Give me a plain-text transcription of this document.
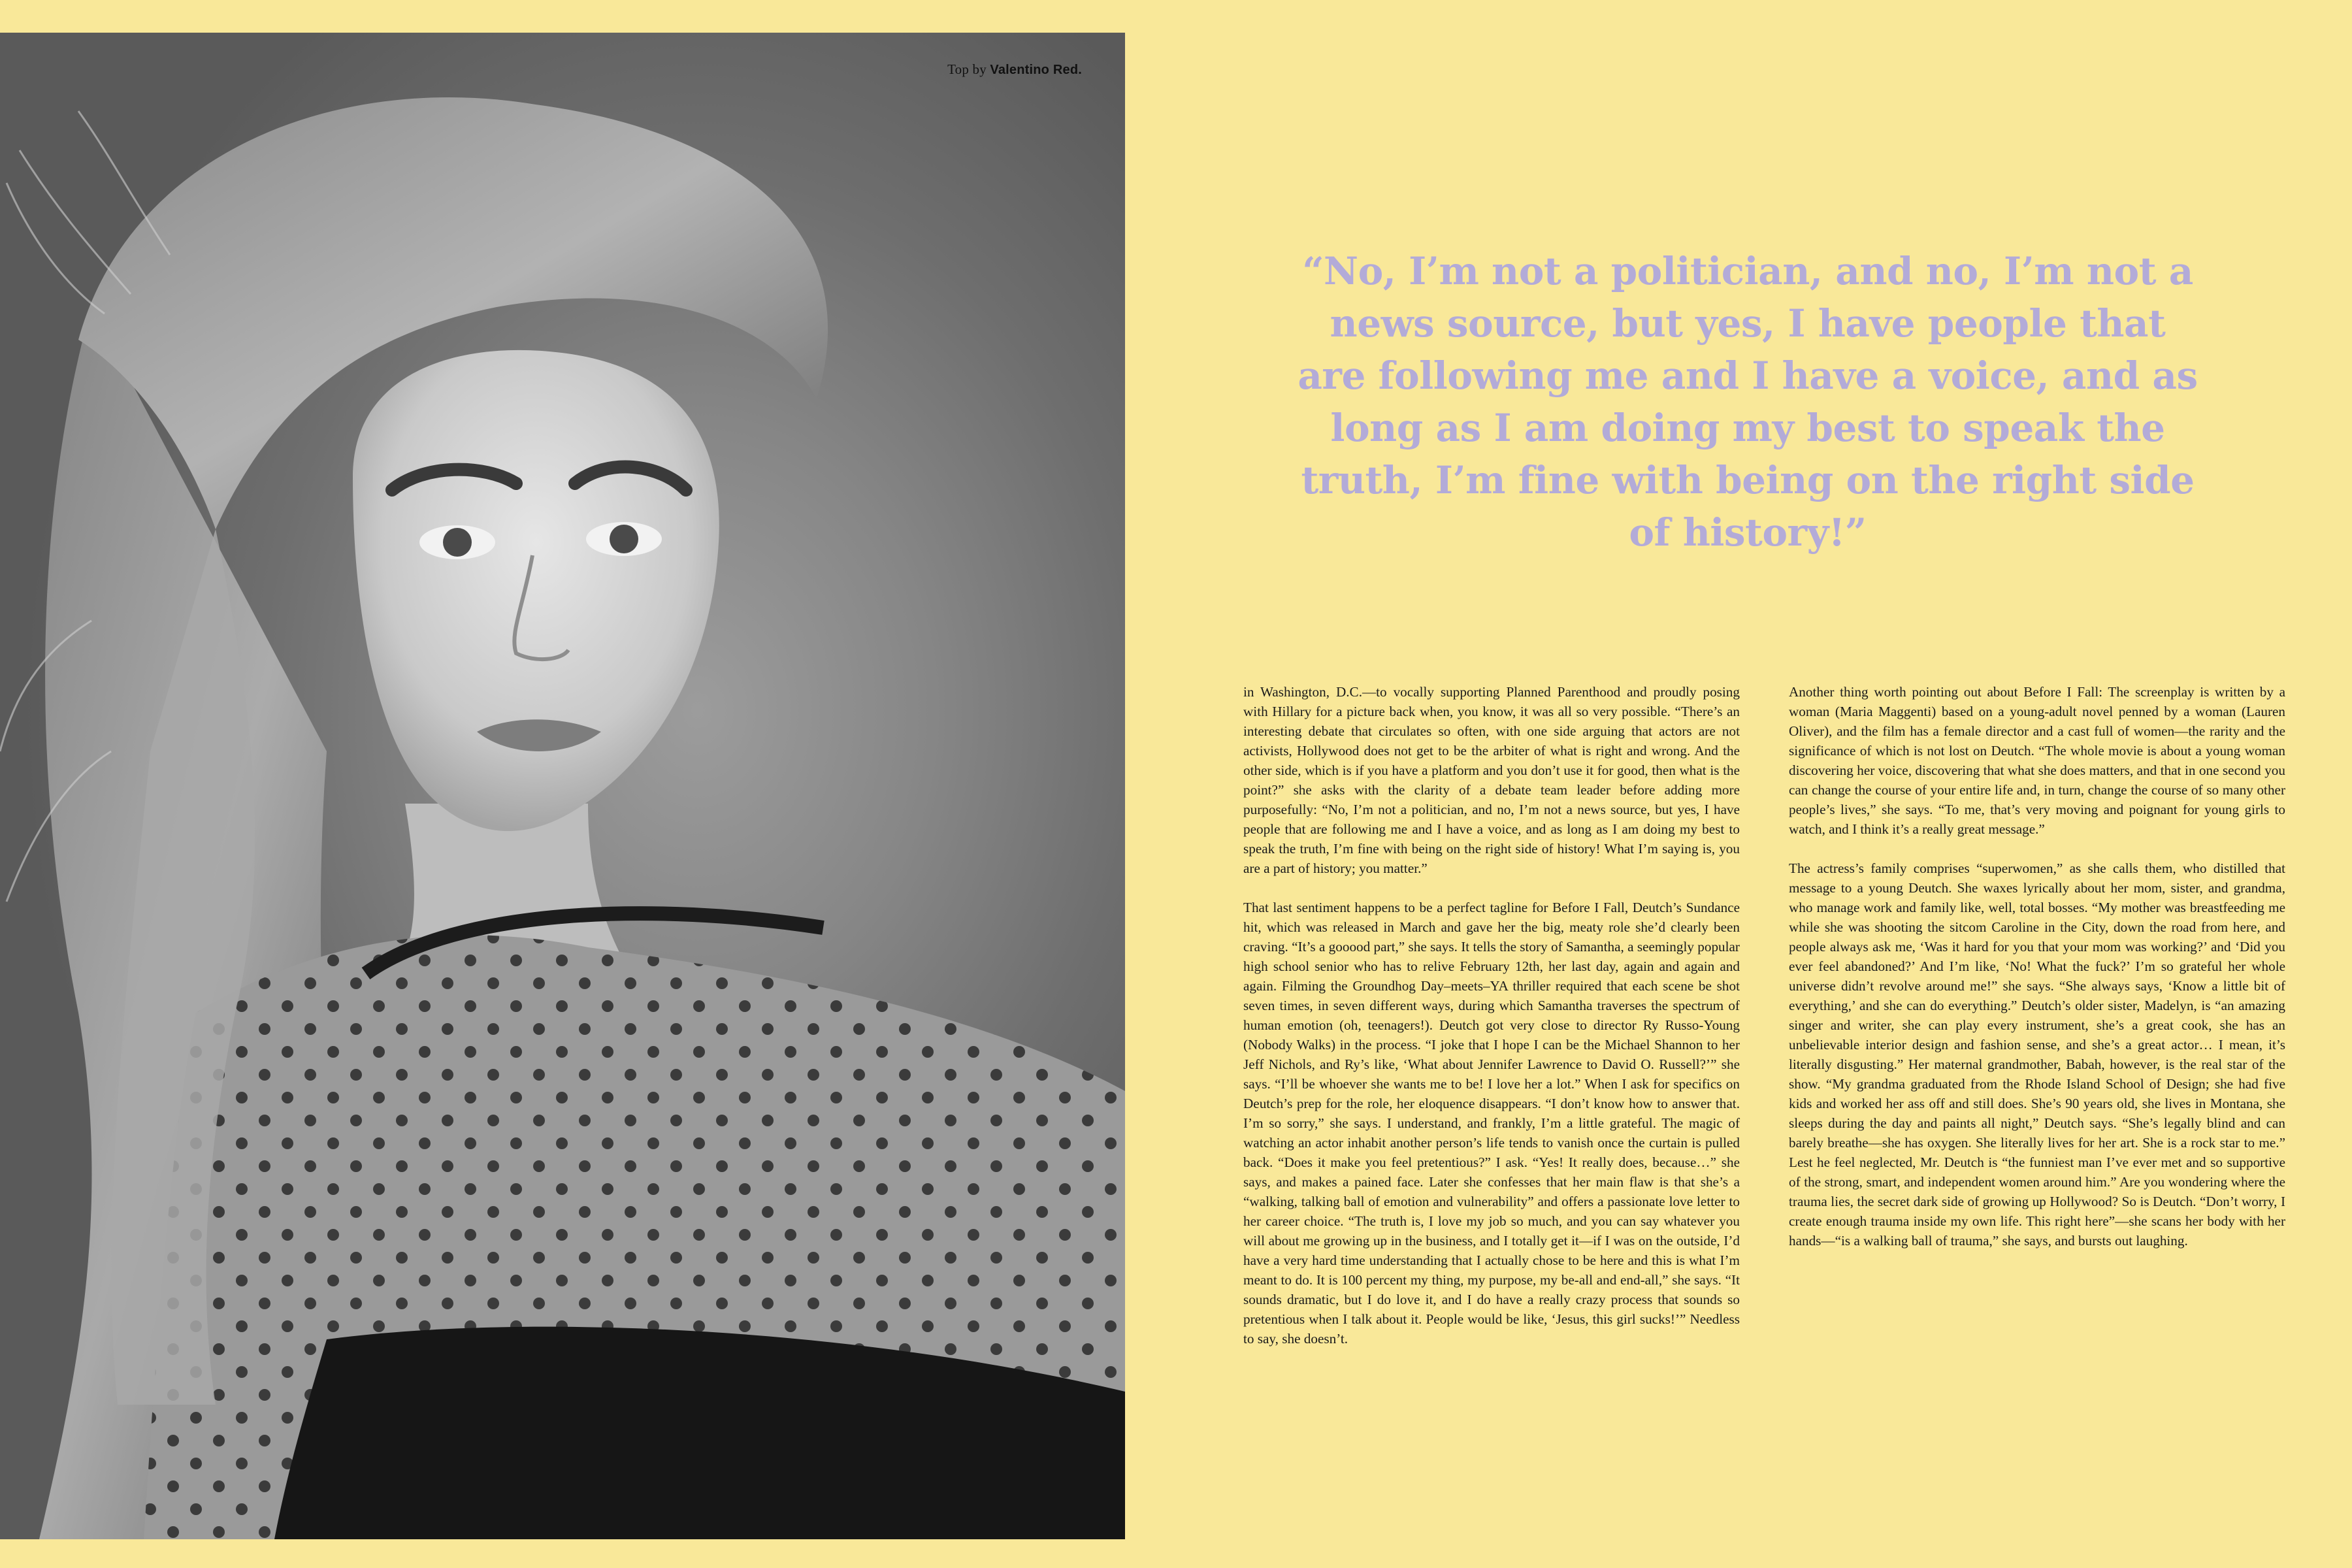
Top by Valentino Red.
“No, I’m not a politician, and no, I’m not a news source, but yes, I have people that are following me and I have a voice, and as long as I am doing my best to speak the truth, I’m fine with being on the right side of history!”

in Washington, D.C.—to vocally supporting Planned Parenthood and proudly posing with Hillary for a picture back when, you know, it was all so very possible. “There’s an interesting debate that circulates so often, with one side arguing that actors are not activists, Hollywood does not get to be the arbiter of what is right and wrong. And the other side, which is if you have a platform and you don’t use it for good, then what is the point?” she asks with the clarity of a debate team leader before adding more purposefully: “No, I’m not a politician, and no, I’m not a news source, but yes, I have people that are following me and I have a voice, and as long as I am doing my best to speak the truth, I’m fine with being on the right side of history! What I’m saying is, you are a part of history; you matter.”

That last sentiment happens to be a perfect tagline for Before I Fall, Deutch’s Sundance hit, which was released in March and gave her the big, meaty role she’d clearly been craving. “It’s a gooood part,” she says. It tells the story of Samantha, a seemingly popular high school senior who has to relive February 12th, her last day, again and again and again. Filming the Groundhog Day–meets–YA thriller required that each scene be shot seven times, in seven different ways, during which Samantha traverses the spectrum of human emotion (oh, teenagers!). Deutch got very close to director Ry Russo-Young (Nobody Walks) in the process. “I joke that I hope I can be the Michael Shannon to her Jeff Nichols, and Ry’s like, ‘What about Jennifer Lawrence to David O. Russell?’” she says. “I’ll be whoever she wants me to be! I love her a lot.” When I ask for specifics on Deutch’s prep for the role, her eloquence disappears. “I don’t know how to answer that. I’m so sorry,” she says. I understand, and frankly, I’m a little grateful. The magic of watching an actor inhabit another person’s life tends to vanish once the curtain is pulled back. “Does it make you feel pretentious?” I ask. “Yes! It really does, because…” she says, and makes a pained face. Later she confesses that her main flaw is that she’s a “walking, talking ball of emotion and vulnerability” and offers a passionate love letter to her career choice. “The truth is, I love my job so much, and you can say whatever you will about me growing up in the business, and I totally get it—if I was on the outside, I’d have a very hard time understanding that I actually chose to be here and this is what I’m meant to do. It is 100 percent my thing, my purpose, my be-all and end-all,” she says. “It sounds dramatic, but I do love it, and I do have a really crazy process that sounds so pretentious when I talk about it. People would be like, ‘Jesus, this girl sucks!’” Needless to say, she doesn’t.

Another thing worth pointing out about Before I Fall: The screenplay is written by a woman (Maria Maggenti) based on a young-adult novel penned by a woman (Lauren Oliver), and the film has a female director and a cast full of women—the rarity and the significance of which is not lost on Deutch. “The whole movie is about a young woman discovering her voice, discovering that what she does matters, and that in one second you can change the course of your entire life and, in turn, change the course of so many other people’s lives,” she says. “To me, that’s very moving and poignant for young girls to watch, and I think it’s a really great message.”

The actress’s family comprises “superwomen,” as she calls them, who distilled that message to a young Deutch. She waxes lyrically about her mom, sister, and grandma, who manage work and family like, well, total bosses. “My mother was breastfeeding me while she was shooting the sitcom Caroline in the City, down the road from here, and people always ask me, ‘Was it hard for you that your mom was working?’ and ‘Did you ever feel abandoned?’ And I’m like, ‘No! What the fuck?’ I’m so grateful her whole universe didn’t revolve around me!” she says. “She always says, ‘Know a little bit of everything,’ and she can do everything.” Deutch’s older sister, Madelyn, is “an amazing singer and writer, she can play every instrument, she’s a great cook, she has an unbelievable interior design and fashion sense, and she’s a great actor… I mean, it’s literally disgusting.” Her maternal grandmother, Babah, however, is the real star of the show. “My grandma graduated from the Rhode Island School of Design; she had five kids and worked her ass off and still does. She’s 90 years old, she lives in Montana, she sleeps during the day and paints all night,” Deutch says. “She’s legally blind and can barely breathe—she has oxygen. She literally lives for her art. She is a rock star to me.” Lest he feel neglected, Mr. Deutch is “the funniest man I’ve ever met and so supportive of the strong, smart, and independent women around him.” Are you wondering where the trauma lies, the secret dark side of growing up Hollywood? So is Deutch. “Don’t worry, I create enough trauma inside my own life. This right here”—she scans her body with her hands—“is a walking ball of trauma,” she says, and bursts out laughing.
